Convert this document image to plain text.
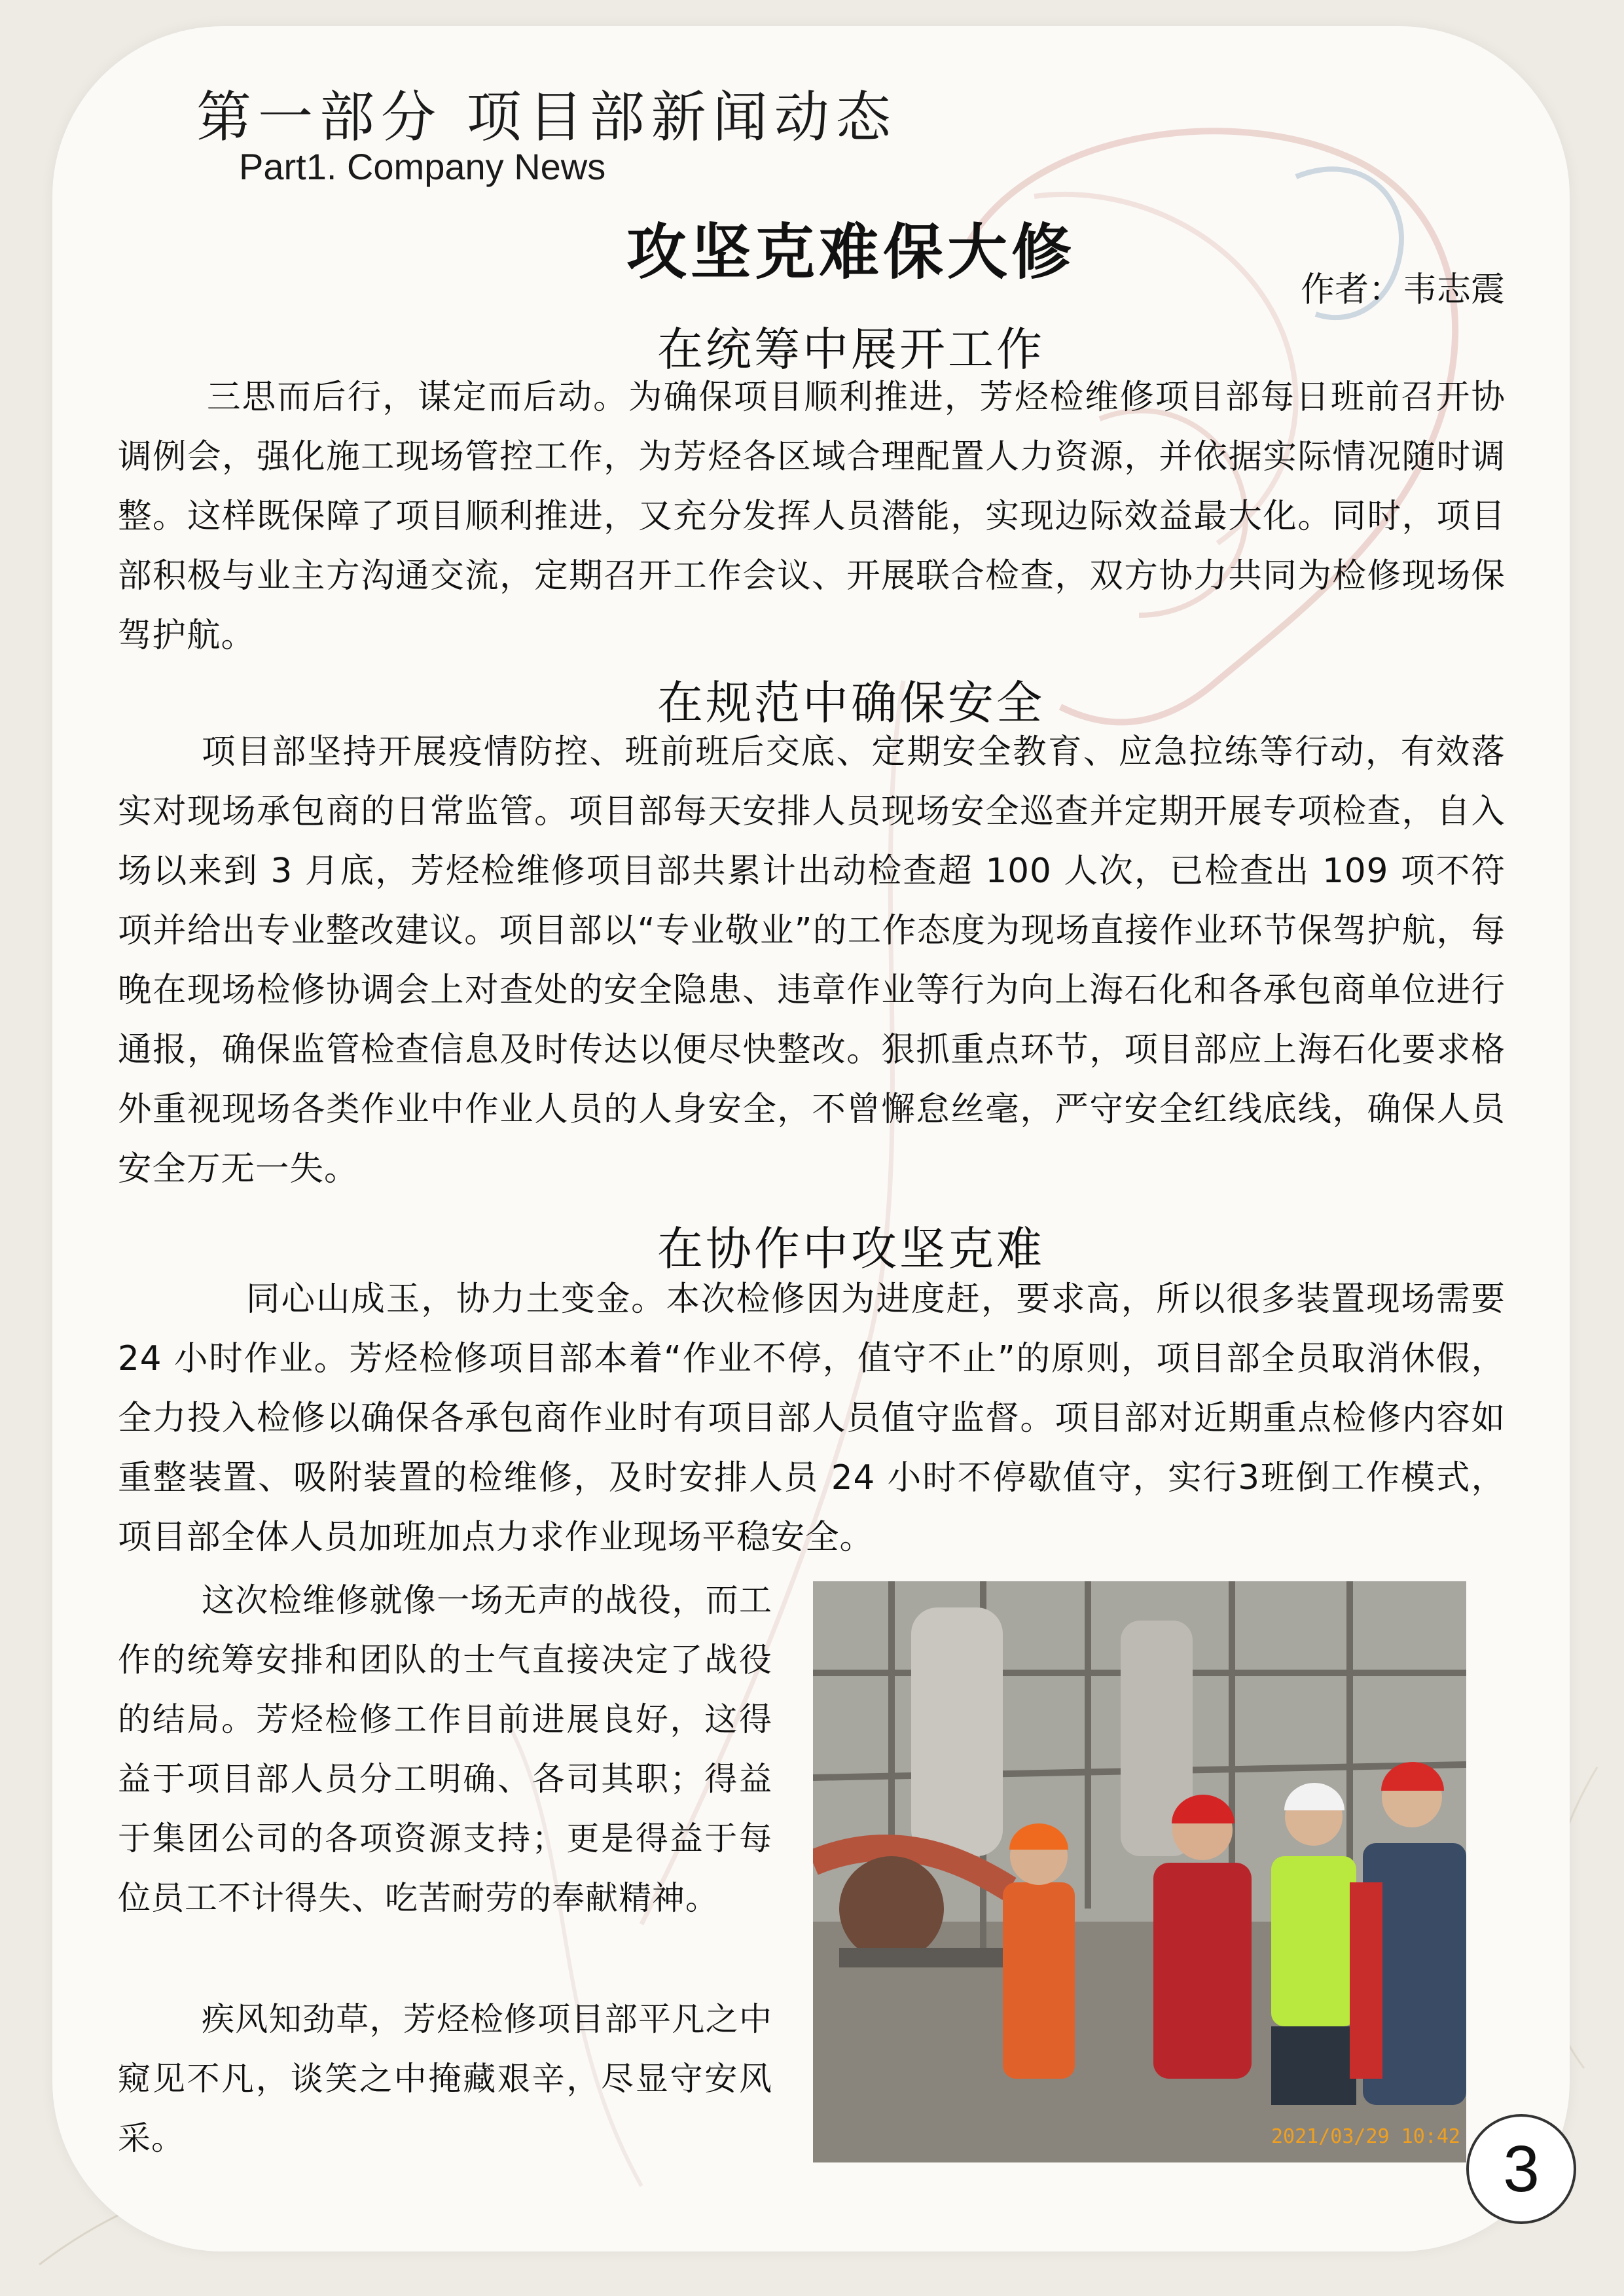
第一部分 项目部新闻动态
Part1. Company News
攻坚克难保大修
作者：韦志震
在统筹中展开工作

三思而后行，谋定而后动。为确保项目顺利推进，芳烃检维修项目部每日班前召开协调例会，强化施工现场管控工作，为芳烃各区域合理配置人力资源，并依据实际情况随时调整。这样既保障了项目顺利推进，又充分发挥人员潜能，实现边际效益最大化。同时，项目部积极与业主方沟通交流，定期召开工作会议、开展联合检查，双方协力共同为检修现场保驾护航。

在规范中确保安全

项目部坚持开展疫情防控、班前班后交底、定期安全教育、应急拉练等行动，有效落实对现场承包商的日常监管。项目部每天安排人员现场安全巡查并定期开展专项检查，自入场以来到 3 月底，芳烃检维修项目部共累计出动检查超 100 人次，已检查出 109 项不符项并给出专业整改建议。项目部以“专业敬业”的工作态度为现场直接作业环节保驾护航，每晚在现场检修协调会上对查处的安全隐患、违章作业等行为向上海石化和各承包商单位进行通报，确保监管检查信息及时传达以便尽快整改。狠抓重点环节，项目部应上海石化要求格外重视现场各类作业中作业人员的人身安全，不曾懈怠丝毫，严守安全红线底线，确保人员安全万无一失。

在协作中攻坚克难

同心山成玉，协力土变金。本次检修因为进度赶，要求高，所以很多装置现场需要 24 小时作业。芳烃检修项目部本着“作业不停，值守不止”的原则，项目部全员取消休假，全力投入检修以确保各承包商作业时有项目部人员值守监督。项目部对近期重点检修内容如重整装置、吸附装置的检维修，及时安排人员 24 小时不停歇值守，实行3班倒工作模式，项目部全体人员加班加点力求作业现场平稳安全。

这次检维修就像一场无声的战役，而工作的统筹安排和团队的士气直接决定了战役的结局。芳烃检修工作目前进展良好，这得益于项目部人员分工明确、各司其职；得益于集团公司的各项资源支持；更是得益于每位员工不计得失、吃苦耐劳的奉献精神。

疾风知劲草，芳烃检修项目部平凡之中窥见不凡，谈笑之中掩藏艰辛，尽显守安风采。	2021/03/29 10:42 3
